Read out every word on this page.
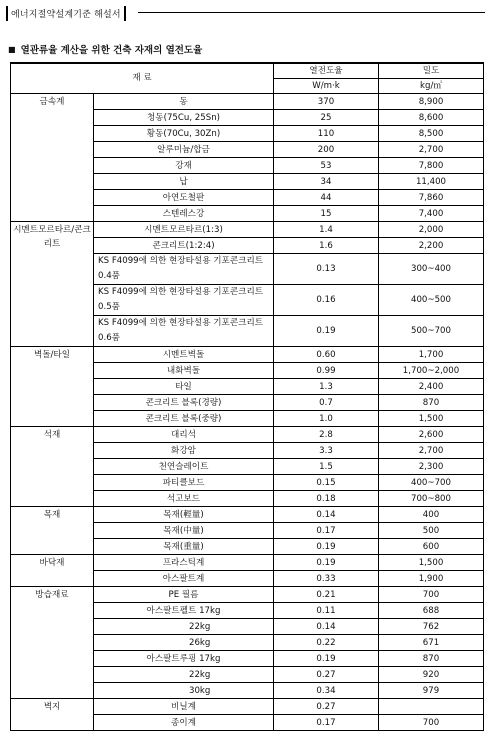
에너지절약설계기준 해설서
■ 열관류율 계산을 위한 건축 자재의 열전도율
재 료		열전도율	밀도
		W/m·k	kg/㎥
금속계	동	370	8,900
	청동(75Cu, 25Sn)	25	8,600
	황동(70Cu, 30Zn)	110	8,500
	알루미늄/합금	200	2,700
	강재	53	7,800
	납	34	11,400
	아연도철판	44	7,860
	스텐레스강	15	7,400
시멘트모르타르/콘크리트	시멘트모르타르(1:3)	1.4	2,000
	콘크리트(1:2:4)	1.6	2,200
	KS F4099에 의한 현장타설용 기포콘크리트 0.4품	0.13	300~400
	KS F4099에 의한 현장타설용 기포콘크리트 0.5품	0.16	400~500
	KS F4099에 의한 현장타설용 기포콘크리트 0.6품	0.19	500~700
벽돌/타일	시멘트벽돌	0.60	1,700
	내화벽돌	0.99	1,700~2,000
	타일	1.3	2,400
	콘크리트 블록(경량)	0.7	870
	콘크리트 블록(중량)	1.0	1,500
석재	대리석	2.8	2,600
	화강암	3.3	2,700
	천연슬레이트	1.5	2,300
	파티클보드	0.15	400~700
	석고보드	0.18	700~800
목재	목재(輕量)	0.14	400
	목재(中量)	0.17	500
	목재(重量)	0.19	600
바닥재	프라스틱계	0.19	1,500
	아스팔트계	0.33	1,900
방습재료	PE 필름	0.21	700
	아스팔트펠트 17kg	0.11	688
	22kg	0.14	762
	26kg	0.22	671
	아스팔트루핑 17kg	0.19	870
	22kg	0.27	920
	30kg	0.34	979
벽지	비닐계	0.27	
	종이계	0.17	700
